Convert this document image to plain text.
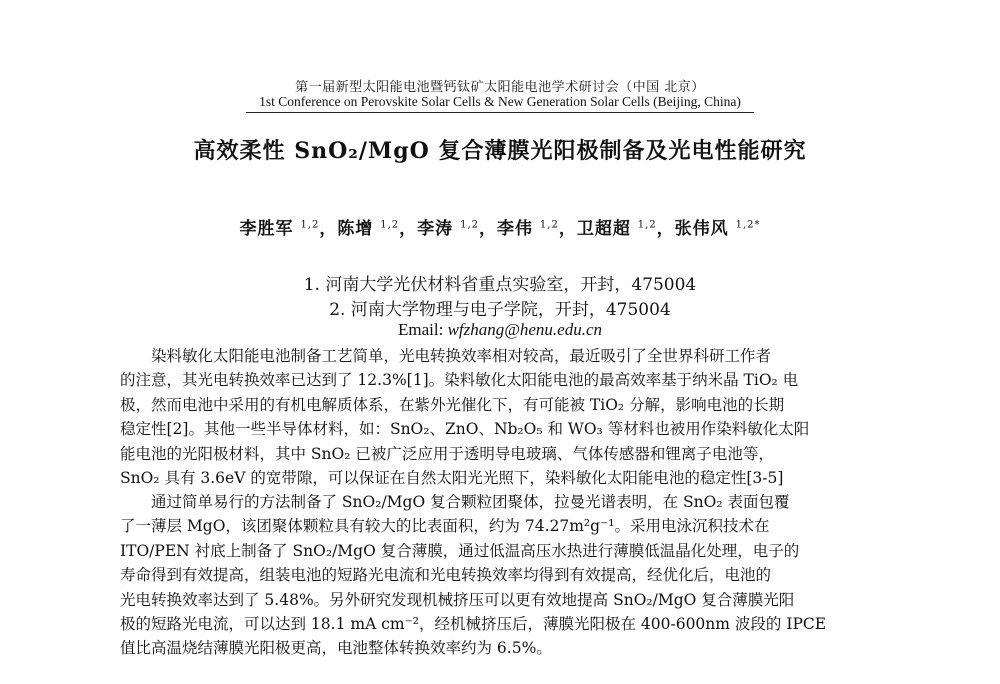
第一届新型太阳能电池暨钙钛矿太阳能电池学术研讨会（中国 北京）
1st Conference on Perovskite Solar Cells & New Generation Solar Cells (Beijing, China)
高效柔性 SnO₂/MgO 复合薄膜光阳极制备及光电性能研究
李胜军 $^{1,2}$，陈增 $^{1,2}$，李涛 $^{1,2}$，李伟 $^{1,2}$，卫超超 $^{1,2}$，张伟风 $^{1,2*}$
1. 河南大学光伏材料省重点实验室，开封，475004
2. 河南大学物理与电子学院，开封，475004
Email: wfzhang@henu.edu.cn
染料敏化太阳能电池制备工艺简单，光电转换效率相对较高，最近吸引了全世界科研工作者
的注意，其光电转换效率已达到了 12.3%[1]。染料敏化太阳能电池的最高效率基于纳米晶 TiO₂ 电
极，然而电池中采用的有机电解质体系，在紫外光催化下，有可能被 TiO₂ 分解，影响电池的长期
稳定性[2]。其他一些半导体材料，如：SnO₂、ZnO、Nb₂O₅ 和 WO₃ 等材料也被用作染料敏化太阳
能电池的光阳极材料，其中 SnO₂ 已被广泛应用于透明导电玻璃、气体传感器和锂离子电池等，
SnO₂ 具有 3.6eV 的宽带隙，可以保证在自然太阳光光照下，染料敏化太阳能电池的稳定性[3-5]
通过简单易行的方法制备了 SnO₂/MgO 复合颗粒团聚体，拉曼光谱表明，在 SnO₂ 表面包覆
了一薄层 MgO，该团聚体颗粒具有较大的比表面积，约为 74.27m²g⁻¹。采用电泳沉积技术在
ITO/PEN 衬底上制备了 SnO₂/MgO 复合薄膜，通过低温高压水热进行薄膜低温晶化处理，电子的
寿命得到有效提高，组装电池的短路光电流和光电转换效率均得到有效提高，经优化后，电池的
光电转换效率达到了 5.48%。另外研究发现机械挤压可以更有效地提高 SnO₂/MgO 复合薄膜光阳
极的短路光电流，可以达到 18.1 mA cm⁻²，经机械挤压后，薄膜光阳极在 400-600nm 波段的 IPCE
值比高温烧结薄膜光阳极更高，电池整体转换效率约为 6.5%。
